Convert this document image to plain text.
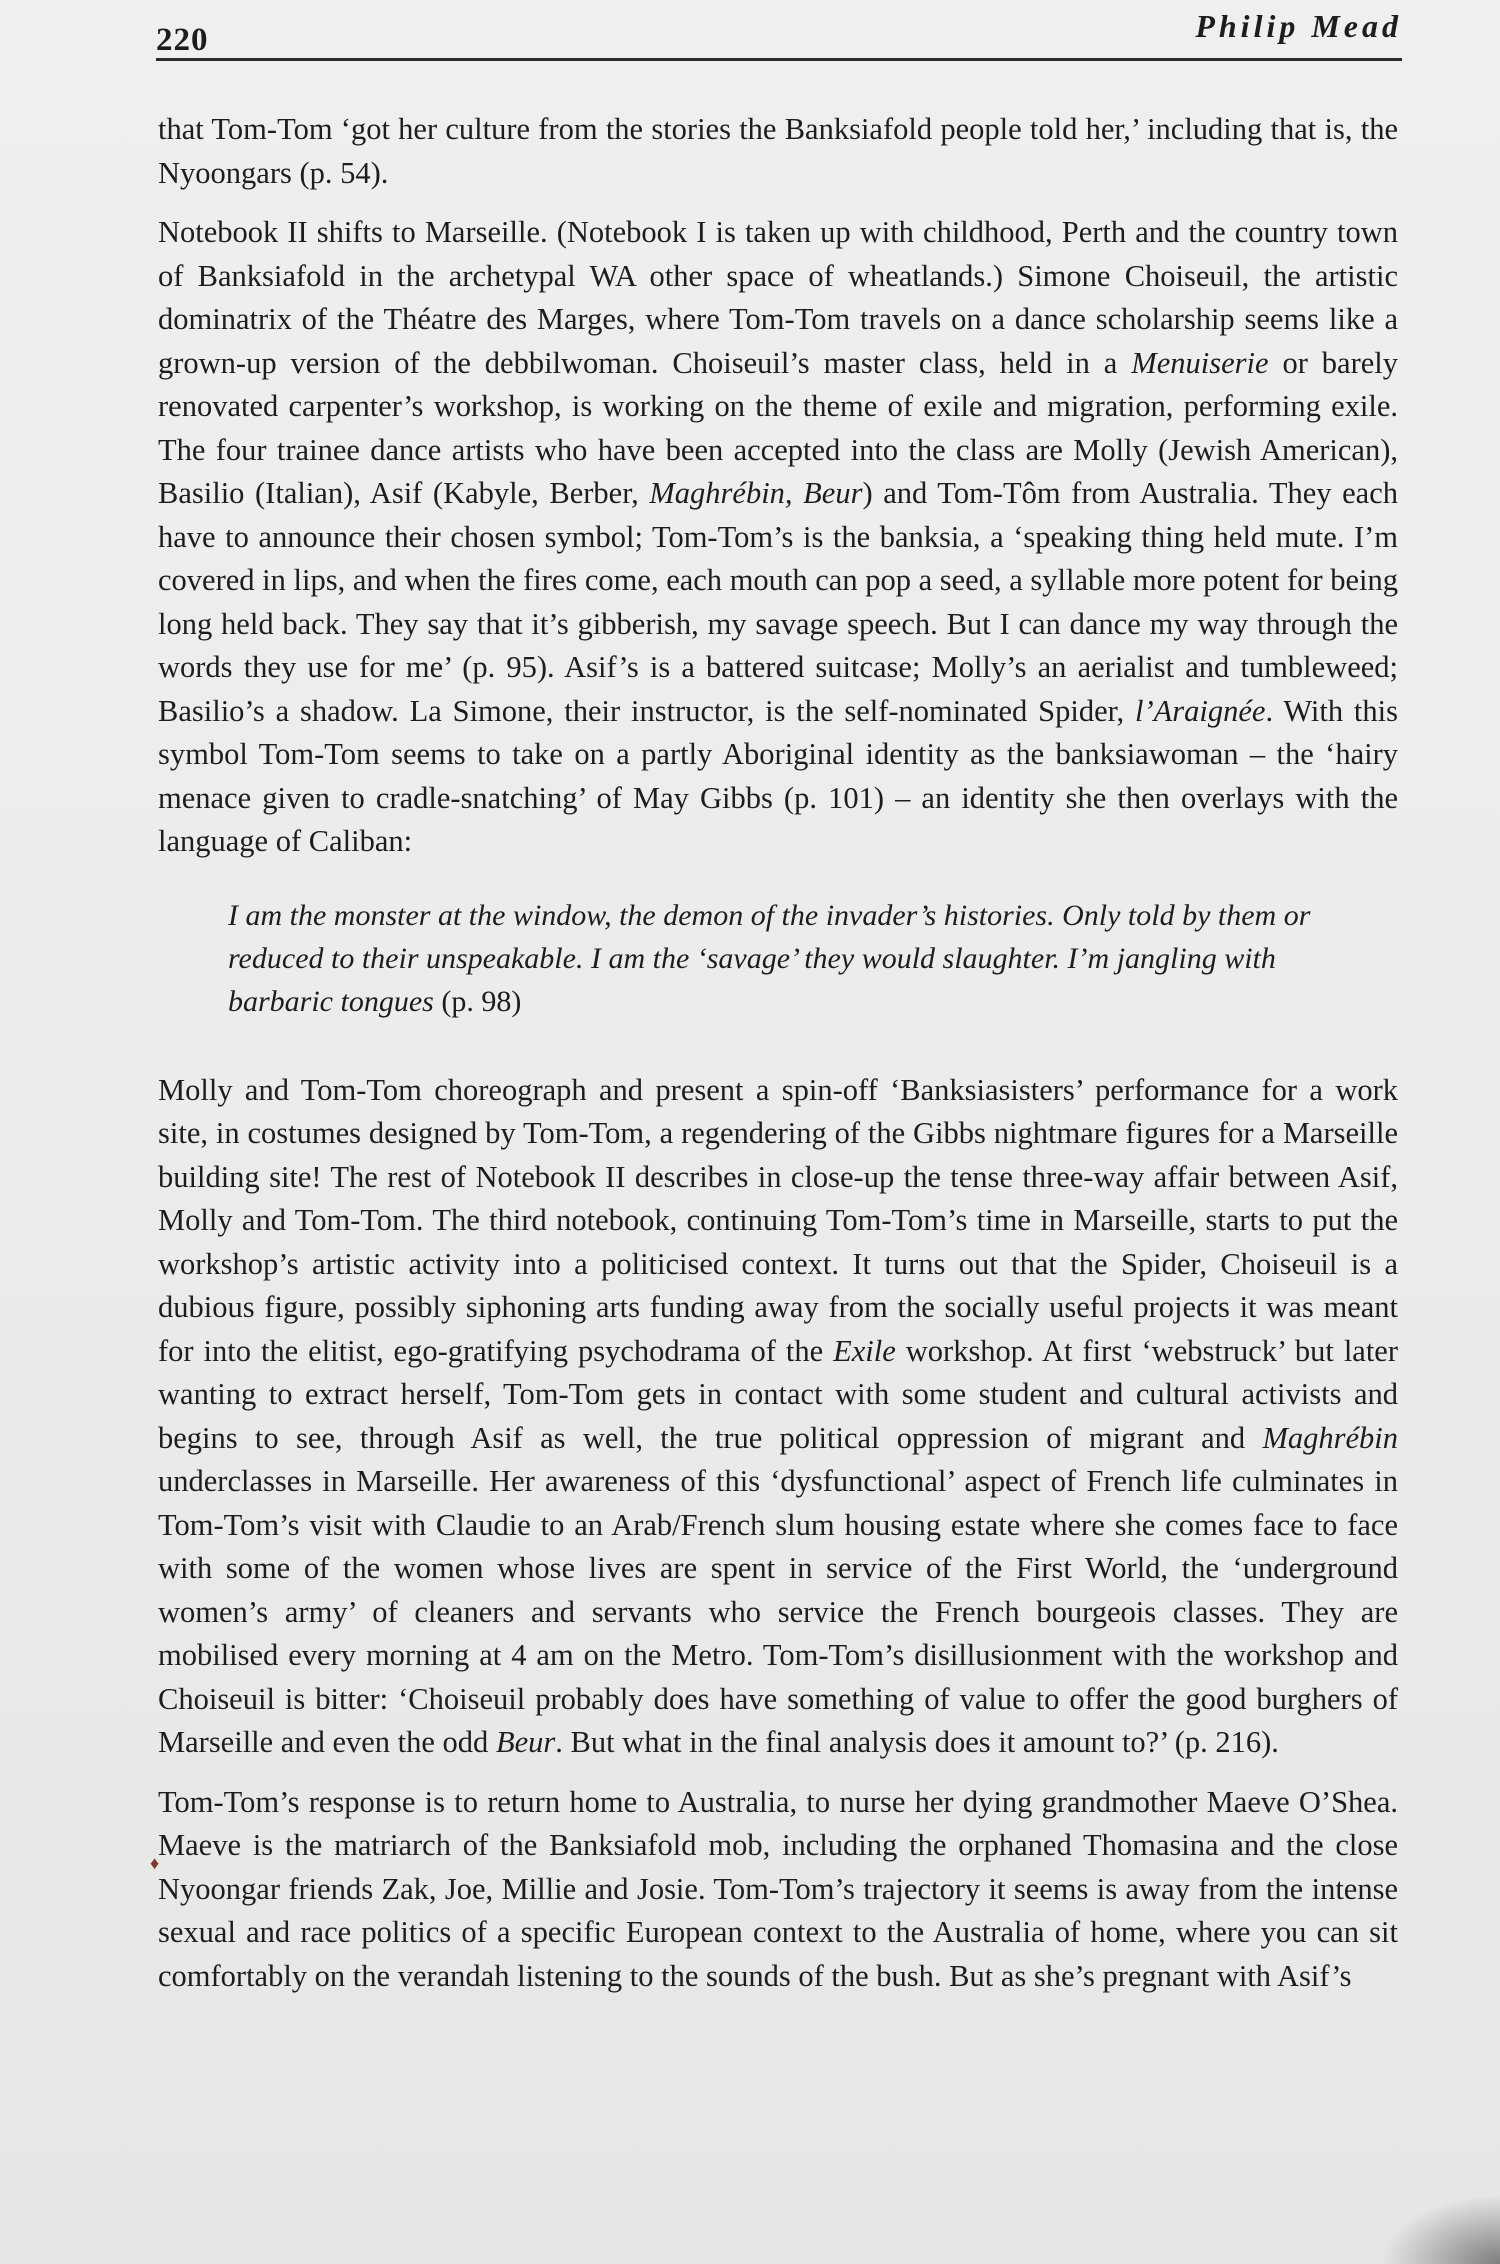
220	Philip Mead

that Tom-Tom ‘got her culture from the stories the Banksiafold people told her,’ including that is, the Nyoongars (p. 54).

Notebook II shifts to Marseille. (Notebook I is taken up with childhood, Perth and the country town of Banksiafold in the archetypal WA other space of wheatlands.) Simone Choiseuil, the artistic dominatrix of the Théatre des Marges, where Tom-Tom travels on a dance scholarship seems like a grown-up version of the debbilwoman. Choiseuil’s master class, held in a Menuiserie or barely renovated carpenter’s workshop, is working on the theme of exile and migration, performing exile. The four trainee dance artists who have been accepted into the class are Molly (Jewish American), Basilio (Italian), Asif (Kabyle, Berber, Maghrébin, Beur) and Tom-Tôm from Australia. They each have to announce their chosen symbol; Tom-Tom’s is the banksia, a ‘speaking thing held mute. I’m covered in lips, and when the fires come, each mouth can pop a seed, a syllable more potent for being long held back. They say that it’s gibberish, my savage speech. But I can dance my way through the words they use for me’ (p. 95). Asif’s is a battered suitcase; Molly’s an aerialist and tumbleweed; Basilio’s a shadow. La Simone, their instructor, is the self-nominated Spider, l’Araignée. With this symbol Tom-Tom seems to take on a partly Aboriginal identity as the banksiawoman – the ‘hairy menace given to cradle-snatching’ of May Gibbs (p. 101) – an identity she then overlays with the language of Caliban:

I am the monster at the window, the demon of the invader’s histories. Only told by them or reduced to their unspeakable. I am the ‘savage’ they would slaughter. I’m jangling with barbaric tongues (p. 98)

Molly and Tom-Tom choreograph and present a spin-off ‘Banksiasisters’ performance for a work site, in costumes designed by Tom-Tom, a regendering of the Gibbs nightmare figures for a Marseille building site! The rest of Notebook II describes in close-up the tense three-way affair between Asif, Molly and Tom-Tom. The third notebook, continuing Tom-Tom’s time in Marseille, starts to put the workshop’s artistic activity into a politicised context. It turns out that the Spider, Choiseuil is a dubious figure, possibly siphoning arts funding away from the socially useful projects it was meant for into the elitist, ego-gratifying psychodrama of the Exile workshop. At first ‘webstruck’ but later wanting to extract herself, Tom-Tom gets in contact with some student and cultural activists and begins to see, through Asif as well, the true political oppression of migrant and Maghrébin underclasses in Marseille. Her awareness of this ‘dysfunctional’ aspect of French life culminates in Tom-Tom’s visit with Claudie to an Arab/French slum housing estate where she comes face to face with some of the women whose lives are spent in service of the First World, the ‘underground women’s army’ of cleaners and servants who service the French bourgeois classes. They are mobilised every morning at 4 am on the Metro. Tom-Tom’s disillusionment with the workshop and Choiseuil is bitter: ‘Choiseuil probably does have something of value to offer the good burghers of Marseille and even the odd Beur. But what in the final analysis does it amount to?’ (p. 216).

Tom-Tom’s response is to return home to Australia, to nurse her dying grandmother Maeve O’Shea. Maeve is the matriarch of the Banksiafold mob, including the orphaned Thomasina and the close Nyoongar friends Zak, Joe, Millie and Josie. Tom-Tom’s trajectory it seems is away from the intense sexual and race politics of a specific European context to the Australia of home, where you can sit comfortably on the verandah listening to the sounds of the bush. But as she’s pregnant with Asif’s

♦
